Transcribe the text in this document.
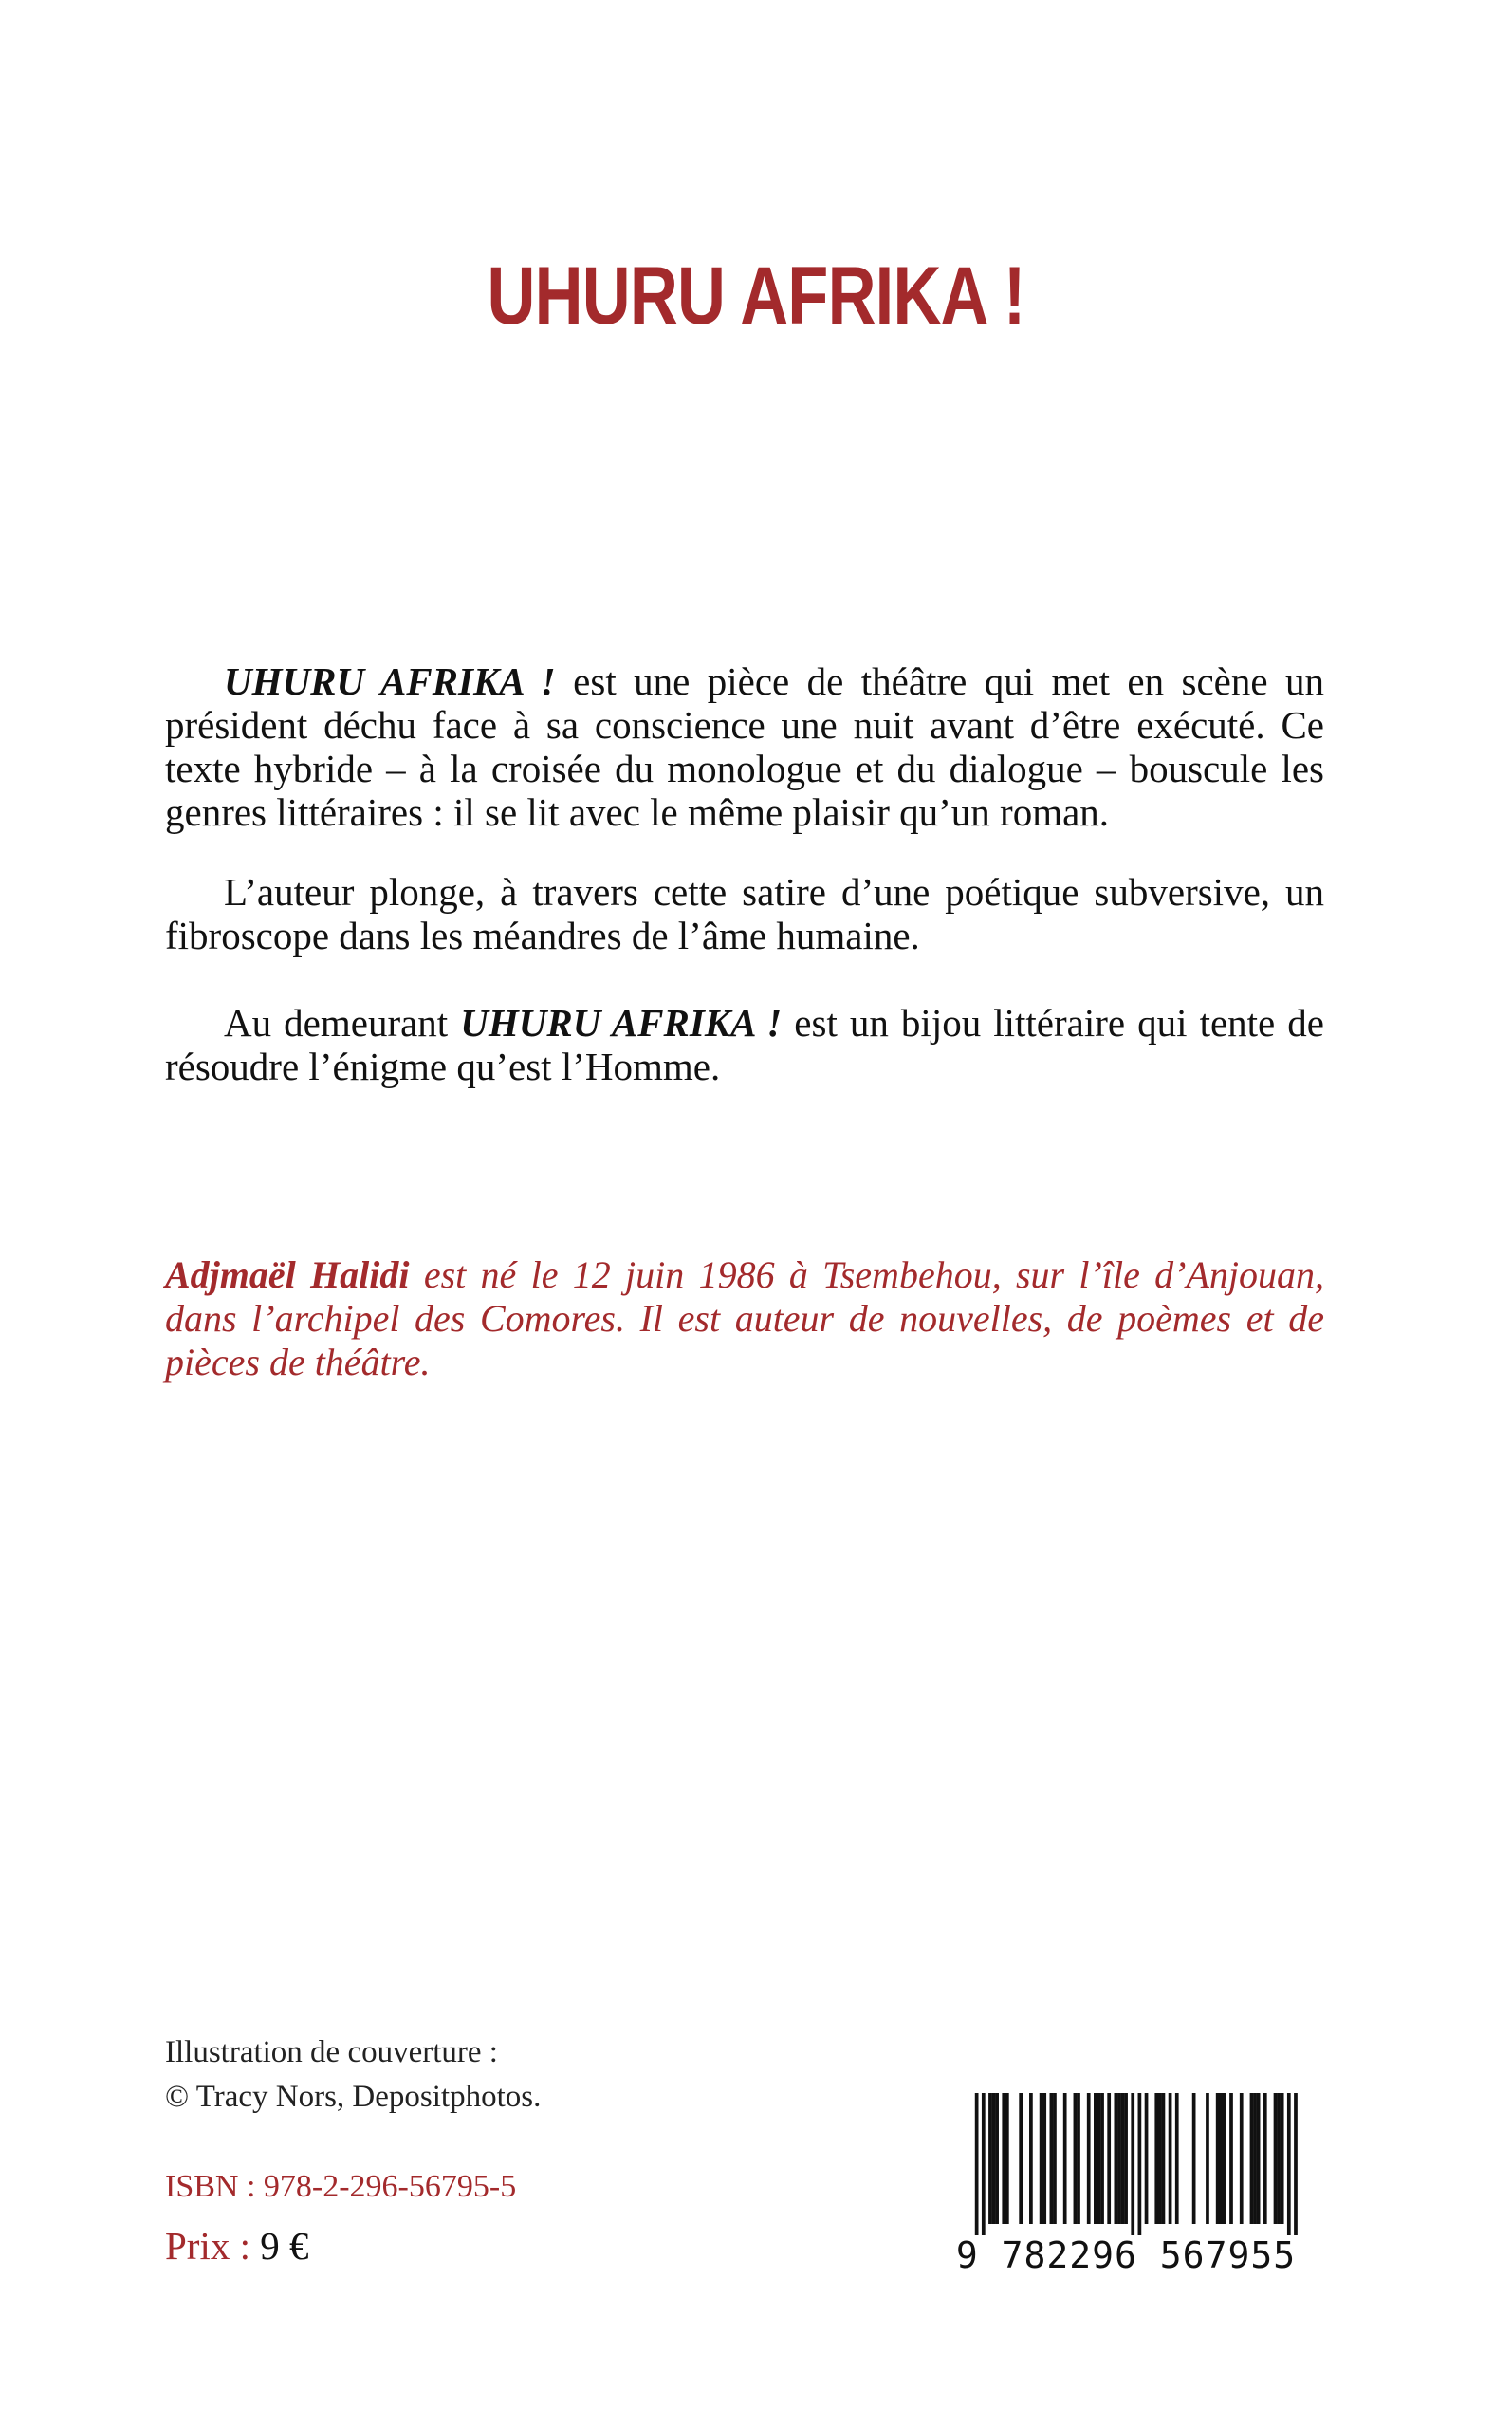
UHURU AFRIKA !

UHURU AFRIKA ! est une pièce de théâtre qui met en scène un président déchu face à sa conscience une nuit avant d’être exécuté. Ce texte hybride – à la croisée du monologue et du dialogue – bouscule les genres littéraires : il se lit avec le même plaisir qu’un roman.

L’auteur plonge, à travers cette satire d’une poétique subversive, un fibroscope dans les méandres de l’âme humaine.

Au demeurant UHURU AFRIKA ! est un bijou littéraire qui tente de résoudre l’énigme qu’est l’Homme.

Adjmaël Halidi est né le 12 juin 1986 à Tsembehou, sur l’île d’Anjouan, dans l’archipel des Comores. Il est auteur de nouvelles, de poèmes et de pièces de théâtre.

Illustration de couverture :
© Tracy Nors, Depositphotos.
ISBN : 978-2-296-56795-5
Prix : 9 €	9 782296 567955
